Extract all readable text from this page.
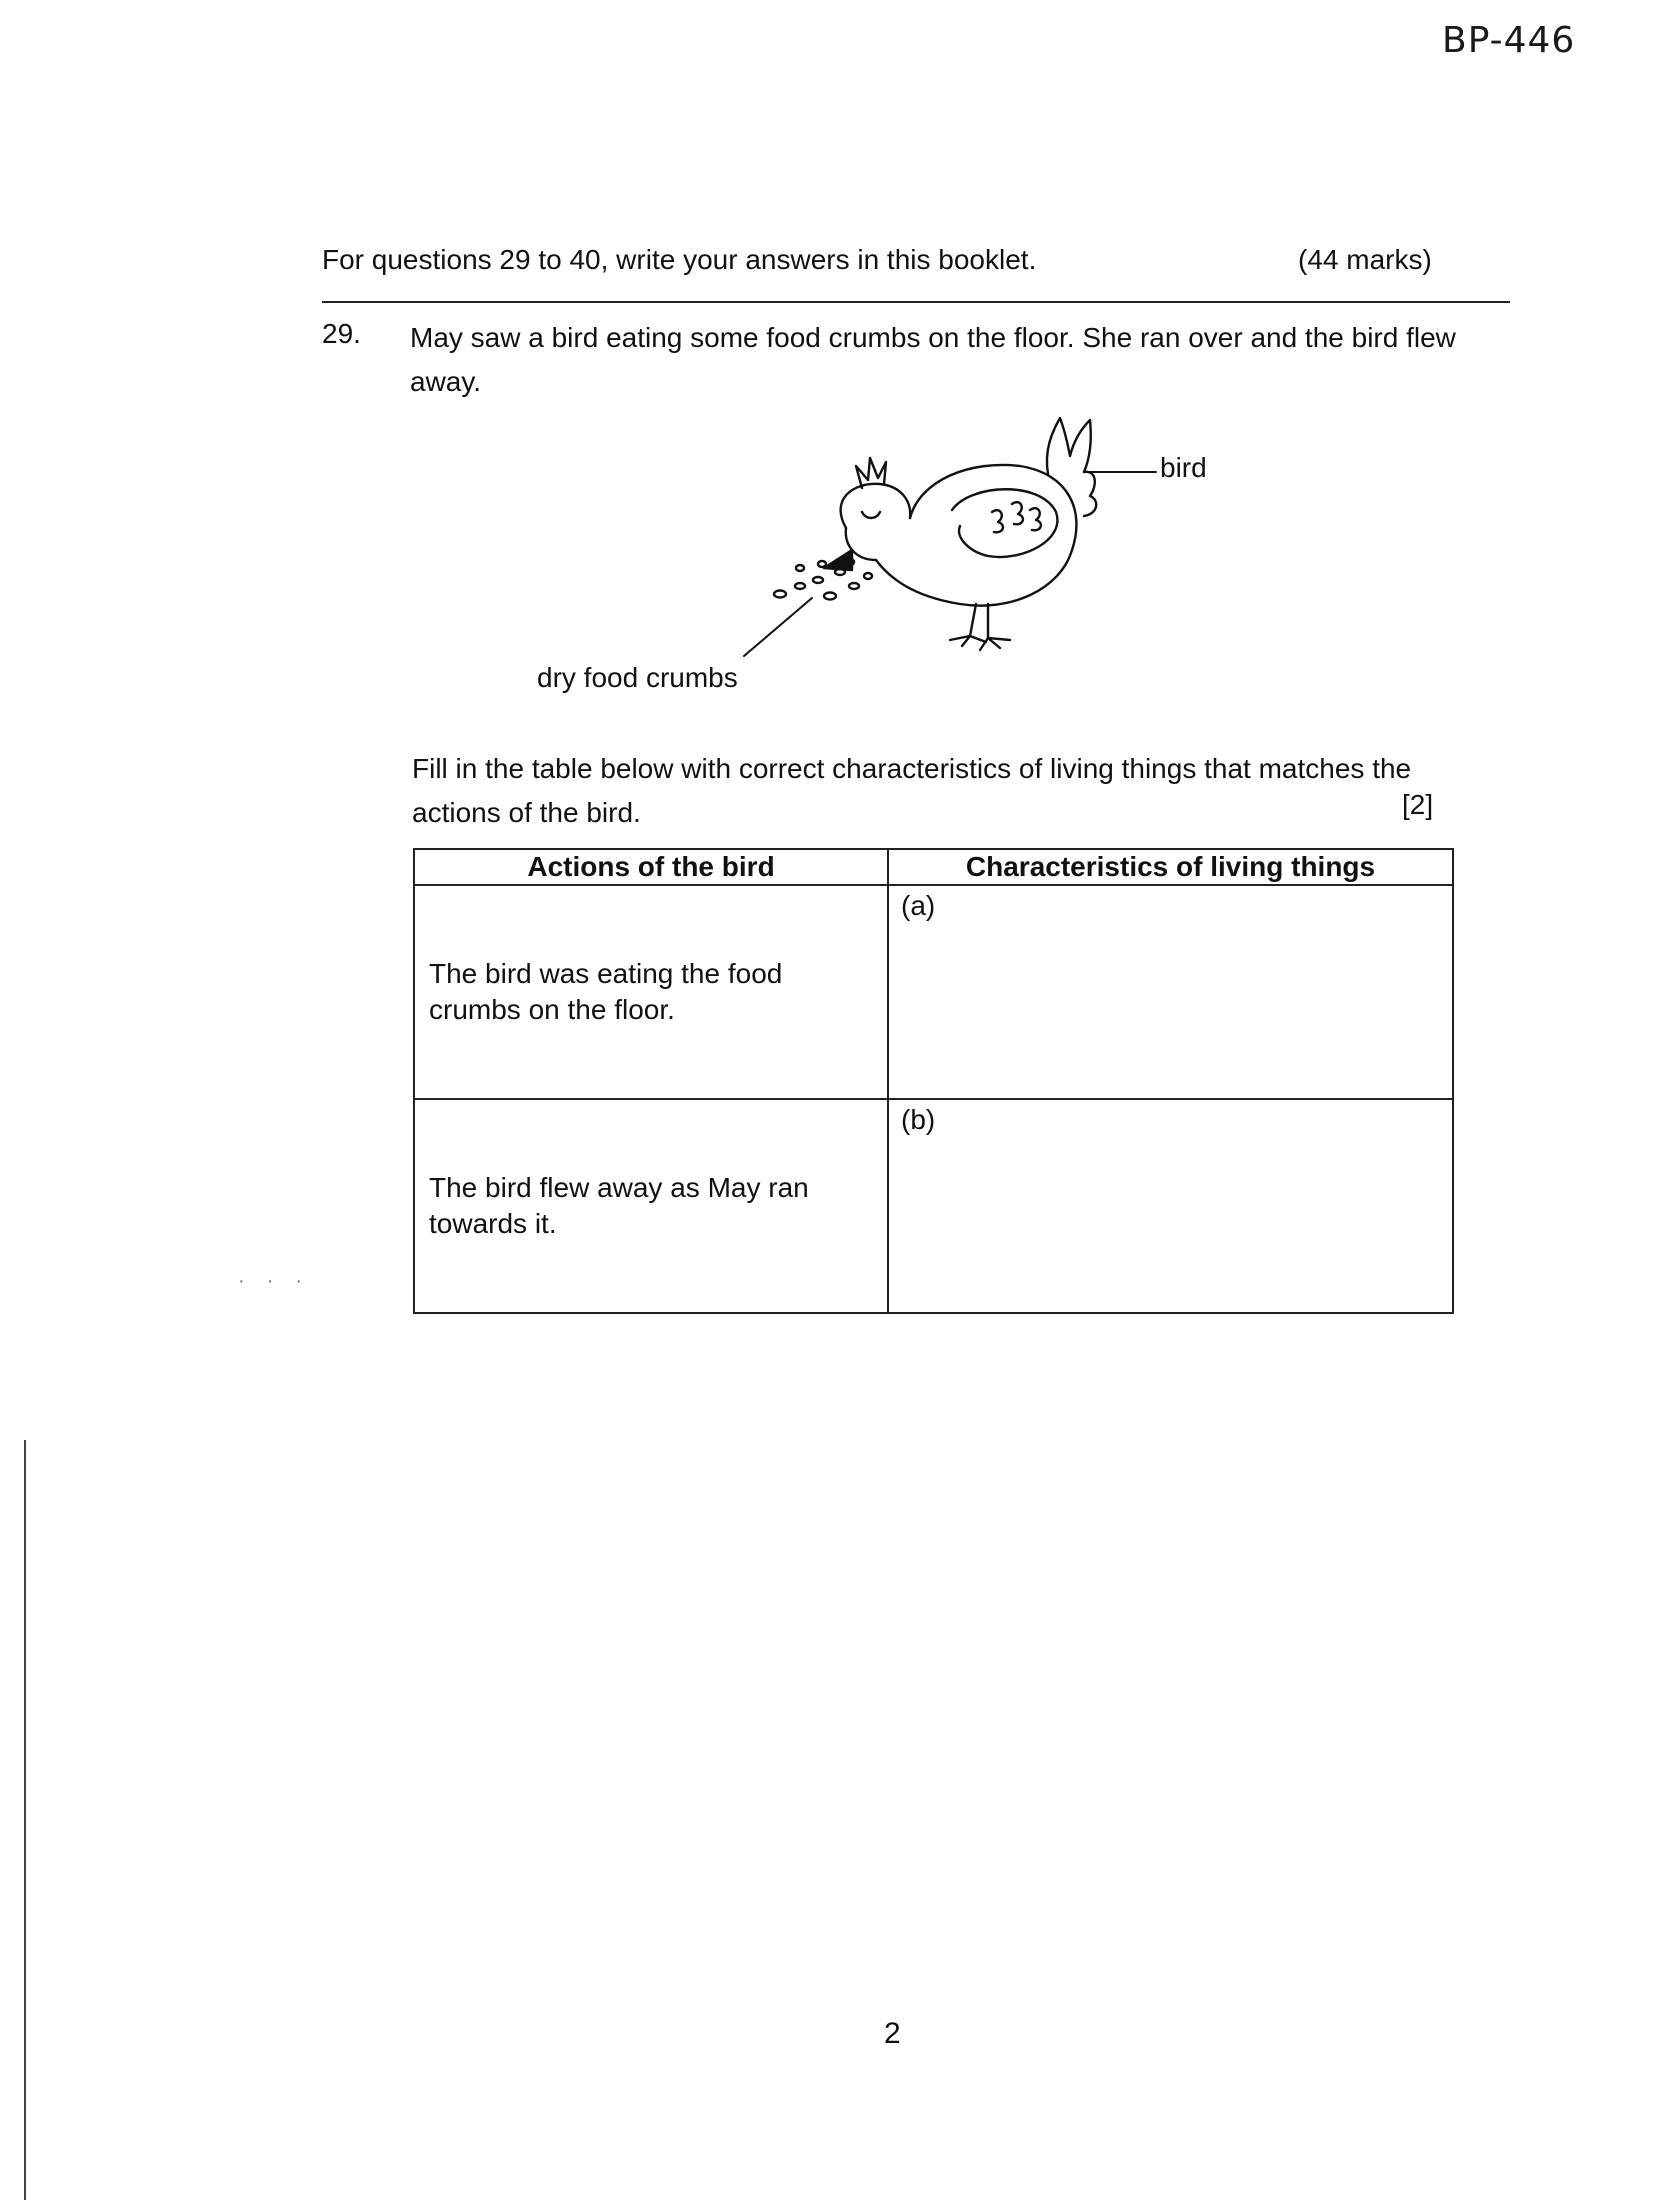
BP-446
For questions 29 to 40, write your answers in this booklet.	(44 marks)
29. May saw a bird eating some food crumbs on the floor. She ran over and the bird flew away.

bird
dry food crumbs

Fill in the table below with correct characteristics of living things that matches the actions of the bird.	[2]
Actions of the bird	Characteristics of living things
The bird was eating the food crumbs on the floor.	(a)
The bird flew away as May ran towards it.	(b)
2
···
